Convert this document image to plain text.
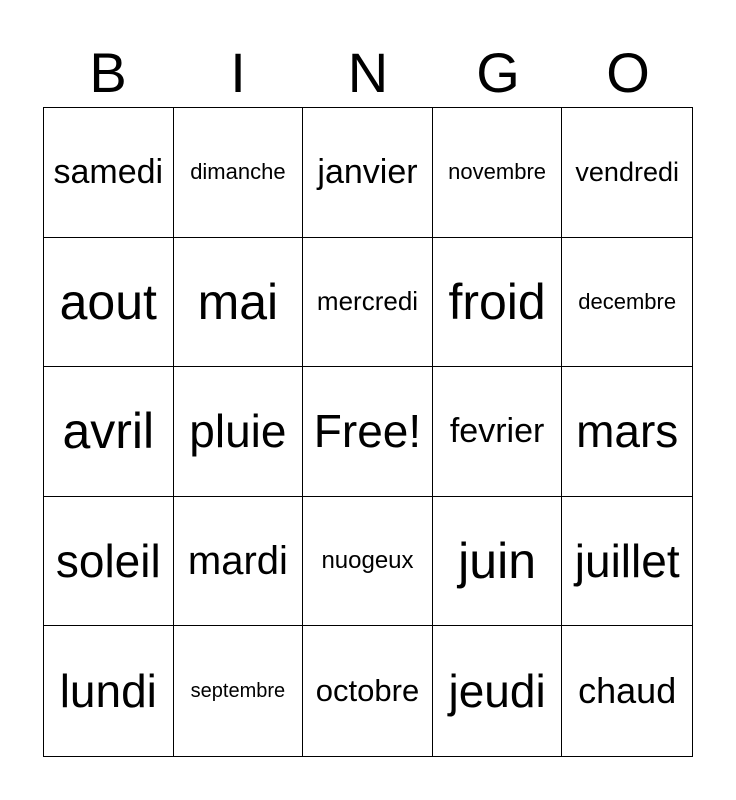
B	I	N	G	O
samedi dimanche janvier novembre vendredi
aout mai mercredi froid decembre
avril pluie Free! fevrier mars
soleil mardi nuogeux juin juillet
lundi septembre octobre jeudi chaud
